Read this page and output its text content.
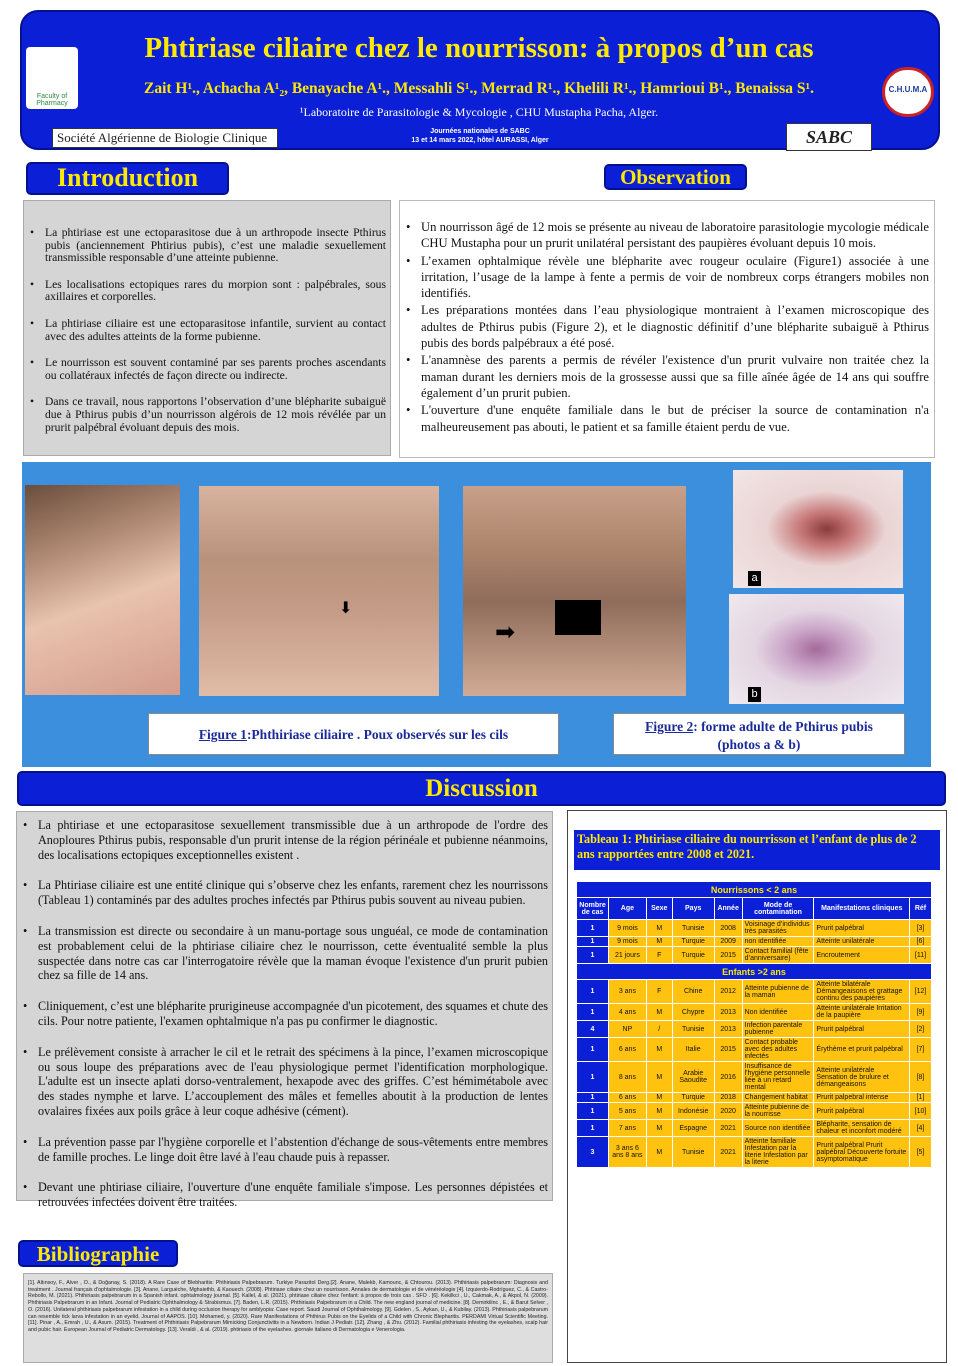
Faculty of Pharmacy
C.H.U.M.A
Phtiriase ciliaire chez le nourrisson: à propos d’un cas
Zait H¹., Achacha A¹₂, Benayache A¹., Messahli S¹., Merrad R¹., Khelili R¹., Hamrioui B¹., Benaissa S¹.
¹Laboratoire de Parasitologie & Mycologie , CHU Mustapha Pacha, Alger.
Société Algérienne de Biologie Clinique	Journées nationales de SABC
13 et 14 mars 2022, hôtel AURASSI, Alger	SABC
Introduction
• La phtiriase est une ectoparasitose due à un arthropode insecte Pthirus pubis (anciennement Phtirius pubis), c’est une maladie sexuellement transmissible responsable d’une atteinte pubienne.
• Les localisations ectopiques rares du morpion sont : palpébrales, sous axillaires et corporelles.
• La phtiriase ciliaire est une ectoparasitose infantile, survient au contact avec des adultes atteints de la forme pubienne.
• Le nourrisson est souvent contaminé par ses parents proches ascendants ou collatéraux infectés de façon directe ou indirecte.
• Dans ce travail, nous rapportons l’observation d’une blépharite subaiguë due à Pthirus pubis d’un nourrisson algérois de 12 mois révélée par un prurit palpébral évoluant depuis des mois.
Observation
• Un nourrisson âgé de 12 mois se présente au niveau de laboratoire parasitologie mycologie médicale CHU Mustapha pour un prurit unilatéral persistant des paupières évoluant depuis 10 mois.
• L’examen ophtalmique révèle une blépharite avec rougeur oculaire (Figure1) associée à une irritation, l’usage de la lampe à fente a permis de voir de nombreux corps étrangers mobiles non identifiés.
• Les préparations montées dans l’eau physiologique montraient à l’examen microscopique des adultes de Pthirus pubis (Figure 2), et le diagnostic définitif d’une blépharite subaiguë à Pthirus pubis des bords palpébraux a été posé.
• L'anamnèse des parents a permis de révéler l'existence d'un prurit vulvaire non traitée chez la maman durant les derniers mois de la grossesse aussi que sa fille aînée âgée de 14 ans qui souffre également d’un prurit pubien.
• L'ouverture d'une enquête familiale dans le but de préciser la source de contamination n'a malheureusement pas abouti, le patient et sa famille étaient perdu de vue.
⬇
➡
a
b
Figure 1:Phthiriase ciliaire . Poux observés sur les cils
Figure 2: forme adulte de Pthirus pubis
(photos a & b)
Discussion
• La phtiriase et une ectoparasitose sexuellement transmissible due à un arthropode de l'ordre des Anoploures Pthirus pubis, responsable d'un prurit intense de la région périnéale et pubienne néanmoins, des localisations ectopiques exceptionnelles existent .
• La Phtiriase ciliaire est une entité clinique qui s’observe chez les enfants, rarement chez les nourrissons (Tableau 1) contaminés par des adultes proches infectés par Pthirus pubis souvent au niveau pubien.
• La transmission est directe ou secondaire à un manu-portage sous unguéal, ce mode de contamination est probablement celui de la phtiriase ciliaire chez le nourrisson, cette éventualité semble la plus suspectée dans notre cas car l'interrogatoire révèle que la maman évoque l'existence d'un prurit pubien chez sa fille de 14 ans.
• Cliniquement, c’est une blépharite prurigineuse accompagnée d'un picotement, des squames et chute des cils. Pour notre patiente, l'examen ophtalmique n'a pas pu confirmer le diagnostic.
• Le prélèvement consiste à arracher le cil et le retrait des spécimens à la pince, l’examen microscopique ou sous loupe des préparations avec de l'eau physiologique permet l'identification morphologique. L'adulte est un insecte aplati dorso-ventralement, hexapode avec des griffes. C’est hémimétabole avec des stades nymphe et larve. L’accouplement des mâles et femelles aboutit à la production de lentes ovalaires fixées aux poils grâce à leur coque adhésive (cément).
• La prévention passe par l'hygiène corporelle et l’abstention d'échange de sous-vêtements entre membres de famille proches. Le linge doit être lavé à l'eau chaude puis à repasser.
• Devant une phtiriase ciliaire, l'ouverture d'une enquête familiale s'impose. Les personnes dépistées et retrouvées infectées doivent être traitées.
Bibliographie
[1]. Altınsoy, F., Alver , O., & Doğanay, S. (2018). A Rare Case of Blebharitis: Phthiriasis Palpebrarum. Turkiye Parazitol Derg.[2]. Anane, Malekb, Kamounc, & Chtourou. (2013). Phthiriasis palpebrarum: Diagnosis and treatment . Journal français d'ophtalmologie. [3]. Anane, Larguèche, Mghaiethb, & Kaouech. (2008). Phtiriase ciliaire chez un nourrisson. Annales de dermatologie et de vénéréologie [4]. Izquierdo-Rodríguez, C., & Castro-Rebollo, M. (2021). Phthiriasis palpebrarum in a Spanish infant. ophtalmology journal. [5]. Kallel, & al. (2021). phtiriase ciliaire chez l'enfant: à propos de trois cas . SFO . [6]. Kekilkci , U., Cakmak, A., & Akpol, N. (2009). Phthiriasis Palpebrarum in an Infant. Journal of Pediatric Ophthalmology & Strabismus. [7]. Baden, L.R. (2015). Phthiriasis Palpebrarum in a Child. The new england journal of medicine. [8]. Demirkilinc , E., & Barut Selver , O. (2016). Unilateral phthiriasis palpebrarum infestation in a child during occlusion therapy for amblyopia: Case report. Saudi Journal of Ophthalmology. [9]. Gdelen , S., Aykan, U., & Kubilay. (2013). Phthiriasis palpebrarum can resemble tick larva infestation in an eyelid. Journal of AAPOS. [10]. Mohamed, y. (2020). Rare Manifestations of Phthirus Pubis on the Eyelids of a Child with Chronic Blepharitis. PERDAMI Virtual Scientific Meeting. [11]. Pinar , A., Emrah , U., & Asum. (2015). Treatment of Phthiriasis Palpebrarum Mimicking Conjunctivitis in a Newborn. Indian J Pediatr. [12]. Zhang , & Zhu. (2012). Familial phthiriasis infesting the eyelashes, scalp hair and pubic hair. European Journal of Pediatric Dermatology. [13]. Veraldi , & al. (2019). phtiriasis of the eyelashes. giornale italiano di Dermatologia e Venerologia.
Tableau 1: Phtiriase ciliaire du nourrisson et l’enfant de plus de 2 ans rapportées entre 2008 et 2021.
Nourrissons < 2 ans							
Nombre de cas	Age	Sexe	Pays	Année	Mode de contamination	Manifestations cliniques	Réf
1	9 mois	M	Tunisie	2008	Voisinage d’individus très parasités	Prurit palpébral	[3]
1	9 mois	M	Turquie	2009	non identifiée	Atteinte unilatérale	[6]
1	21 jours	F	Turquie	2015	Contact familial (fête d’anniversaire)	Encroutement	[11]
Enfants >2 ans							
1	3 ans	F	Chine	2012	Atteinte pubienne de la maman	Atteinte bilatérale Démangeaisons et grattage continu des paupières	[12]
1	4 ans	M	Chypre	2013	Non identifiée	Atteinte unilatérale Irritation de la paupière	[9]
4	NP	/	Tunisie	2013	Infection parentale pubienne	Prurit palpébral	[2]
1	6 ans	M	Italie	2015	Contact probable avec des adultes infectés	Érythème et prurit palpébral	[7]
1	8 ans	M	Arabie Saoudite	2016	Insuffisance de l'hygiène personnelle liée à un retard mental	Atteinte unilatérale Sensation de brulure et démangeaisons	[8]
1	6 ans	M	Turquie	2018	Changement habitat	Prurit palpebral intense	[1]
1	5 ans	M	Indonésie	2020	Atteinte pubienne de la nourrisse	Prurit palpébral	[10]
1	7 ans	M	Espagne	2021	Source non identifiée	Blépharite, sensation de chaleur et inconfort modéré	[4]
3	3 ans 6 ans 8 ans	M	Tunisie	2021	Atteinte familiale Infestation par la literie Infestation par la literie	Prurit palpébral Prurit palpébral Découverte fortuite asymptomatique	[5]
